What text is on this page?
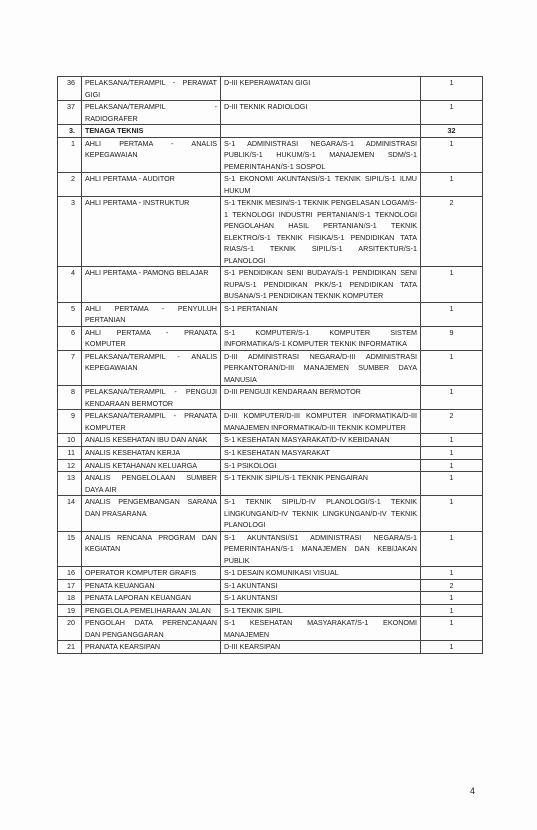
36	PELAKSANA/TERAMPIL - PERAWAT GIGI	D-III KEPERAWATAN GIGI	1
37	PELAKSANA/TERAMPIL - RADIOGRAFER	D-III TEKNIK RADIOLOGI	1
3.	TENAGA TEKNIS		32
1	AHLI PERTAMA - ANALIS KEPEGAWAIAN	S-1 ADMINISTRASI NEGARA/S-1 ADMINISTRASI PUBLIK/S-1 HUKUM/S-1 MANAJEMEN SDM/S-1 PEMERINTAHAN/S-1 SOSPOL	1
2	AHLI PERTAMA - AUDITOR	S-1 EKONOMI AKUNTANSI/S-1 TEKNIK SIPIL/S-1 ILMU HUKUM	1
3	AHLI PERTAMA - INSTRUKTUR	S-1 TEKNIK MESIN/S-1 TEKNIK PENGELASAN LOGAM/S-1 TEKNOLOGI INDUSTRI PERTANIAN/S-1 TEKNOLOGI PENGOLAHAN HASIL PERTANIAN/S-1 TEKNIK ELEKTRO/S-1 TEKNIK FISIKA/S-1 PENDIDIKAN TATA RIAS/S-1 TEKNIK SIPIL/S-1 ARSITEKTUR/S-1 PLANOLOGI	2
4	AHLI PERTAMA - PAMONG BELAJAR	S-1 PENDIDIKAN SENI BUDAYA/S-1 PENDIDIKAN SENI RUPA/S-1 PENDIDIKAN PKK/S-1 PENDIDIKAN TATA BUSANA/S-1 PENDIDIKAN TEKNIK KOMPUTER	1
5	AHLI PERTAMA - PENYULUH PERTANIAN	S-1 PERTANIAN	1
6	AHLI PERTAMA - PRANATA KOMPUTER	S-1 KOMPUTER/S-1 KOMPUTER SISTEM INFORMATIKA/S-1 KOMPUTER TEKNIK INFORMATIKA	9
7	PELAKSANA/TERAMPIL - ANALIS KEPEGAWAIAN	D-III ADMINISTRASI NEGARA/D-III ADMINISTRASI PERKANTORAN/D-III MANAJEMEN SUMBER DAYA MANUSIA	1
8	PELAKSANA/TERAMPIL - PENGUJI KENDARAAN BERMOTOR	D-III PENGUJI KENDARAAN BERMOTOR	1
9	PELAKSANA/TERAMPIL - PRANATA KOMPUTER	D-III KOMPUTER/D-III KOMPUTER INFORMATIKA/D-III MANAJEMEN INFORMATIKA/D-III TEKNIK KOMPUTER	2
10	ANALIS KESEHATAN IBU DAN ANAK	S-1 KESEHATAN MASYARAKAT/D-IV KEBIDANAN	1
11	ANALIS KESEHATAN KERJA	S-1 KESEHATAN MASYARAKAT	1
12	ANALIS KETAHANAN KELUARGA	S-1 PSIKOLOGI	1
13	ANALIS PENGELOLAAN SUMBER DAYA AIR	S-1 TEKNIK SIPIL/S-1 TEKNIK PENGAIRAN	1
14	ANALIS PENGEMBANGAN SARANA DAN PRASARANA	S-1 TEKNIK SIPIL/D-IV PLANOLOGI/S-1 TEKNIK LINGKUNGAN/D-IV TEKNIK LINGKUNGAN/D-IV TEKNIK PLANOLOGI	1
15	ANALIS RENCANA PROGRAM DAN KEGIATAN	S-1 AKUNTANSI/S1 ADMINISTRASI NEGARA/S-1 PEMERINTAHAN/S-1 MANAJEMEN DAN KEBIJAKAN PUBLIK	1
16	OPERATOR KOMPUTER GRAFIS	S-1 DESAIN KOMUNIKASI VISUAL	1
17	PENATA KEUANGAN	S-1 AKUNTANSI	2
18	PENATA LAPORAN KEUANGAN	S-1 AKUNTANSI	1
19	PENGELOLA PEMELIHARAAN JALAN	S-1 TEKNIK SIPIL	1
20	PENGOLAH DATA PERENCANAAN DAN PENGANGGARAN	S-1 KESEHATAN MASYARAKAT/S-1 EKONOMI MANAJEMEN	1
21	PRANATA KEARSIPAN	D-III KEARSIPAN	1
4
